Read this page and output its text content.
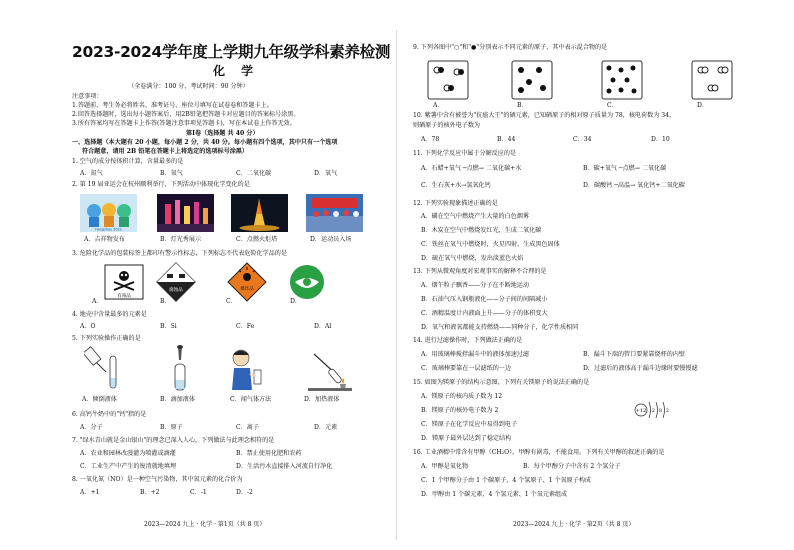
2023-2024学年度上学期九年级学科素养检测
化 学
（全卷满分：100 分，考试时间：90 分钟）
注意事项：
1.答题前，考生务必将姓名、准考证号、座位号填写在试卷卷和答题卡上。
2.回答选择题时，选出每小题答案后，用2B铅笔把答题卡对应题目的答案标号涂黑。
3.所有答案均写在答题卡上作答(答题注意事项见答题卡)，写在本试卷上作答无效。
第Ⅰ卷（选择题 共 40 分）
一、选择题（本大题有 20 小题，每小题 2 分，共 40 分。每小题有四个选项，其中只有一个选项
符合题意，请用 2B 铅笔在答题卡上将选定的选项标号涂黑）
1. 空气的成分按体积计算，含量最多的是
A．氮气	B．氧气	C．二氧化碳	D．氧气
2. 第 19 届亚运会在杭州顺利举行，下列活动中体现化学变化的是
Hangzhou 2022
A．吉祥物发布	B．灯光秀展示	C．点燃火炬塔	D．运动员入场
3. 危险化学品的包装标签上都印有警示性标志，下列标志不代表危险化学品的是
有毒品
腐蚀品	爆炸品
A．	B．	C．	D．
4. 地壳中含量最多的元素是
A．O	B．Si	C．Fe	D．Al
5. 下列实验操作正确的是
A．倾倒液体	B．滴加液体	C．闻气体方法	D．加热液体
6. 高钙牛奶中的"钙"指的是
A．分子	B．原子	C．离子	D．元素
7. "绿水青山就是金山银山"的理念已深入人心，下列做法与此理念相符的是
A．农业和园林改漫灌为喷灌或滴灌	B．禁止使用化肥和农药
C．工业生产中产生的废渣就地填埋	D．生活污水直接排入河流自行净化
8. 一氧化氮（NO）是一种空气污染物，其中氮元素的化合价为
A．+1	B．+2	C．-1	D．-2
2023—2024 九上 · 化学 · 第1页（共 8 页）
9. 下列各图中"○"和"●"分别表示不同元素的原子，其中表示混合物的是
A．	B．	C．	D．
10. 紫薯中含有被誉为"抗癌大王"的硒元素，已知硒原子的相对原子质量为 78，核电荷数为 34，
则硒原子的核外电子数为
A．78	B．44	C．34	D．10
11. 下列化学反应中属于分解反应的是
A．石蜡+氧气 ─点燃→ 二氧化碳+水	B．碳+氧气 ─点燃→ 二氧化碳
C．生石灰+水→氢氧化钙	D．碳酸钙 ─高温→ 氧化钙+二氧化碳
12. 下列实验现象描述正确的是
A．磷在空气中燃烧产生大量的白色烟雾
B．木炭在空气中燃烧发红光，生成二氧化碳
C．铁丝在氧气中燃烧时，火星四射，生成黑色固体
D．硫在氧气中燃烧，发出淡蓝色火焰
13. 下列从微观角度对宏观事实的解释不合理的是
A．烟午粒子飘香——分子在不断地运动
B．石油气压入钢瓶液化——分子间的间隔减小
C．酒精温度计内液面上升——分子的体积变大
D．氧气和液氧都能支持燃烧——同种分子，化学性质相同
14. 进行过滤操作时，下列做法正确的是
A．用玻璃棒搅拌漏斗中的液体加速过滤	B．漏斗下端的管口要紧靠烧杯的内壁
C．玻璃棒要靠在一层滤纸的一边	D．过滤后的液体高于漏斗边缘时要慢慢滤
15. 如图为镁原子的结构示意图，下列有关镁原子的说法正确的是
A．镁原子的核内质子数为 12
B．镁原子的核外电子数为 2
C．镁原子在化学反应中易得到电子
D．镁原子最外层达到了稳定结构
+12 2 8 2
16. 工业酒精中常含有甲醇（CH₂O），甲醇有剧毒，不能食用。下列有关甲醇的叙述正确的是
A．甲醇是氧化物	B．每个甲醇分子中含有 2 个氢分子
C．1 个甲醇分子由 1 个碳原子、4 个氢原子、1 个氧原子构成
D．甲醇由 1 个碳元素、4 个氢元素、1 个氧元素组成
2023—2024 九上 · 化学 · 第2页（共 8 页）
